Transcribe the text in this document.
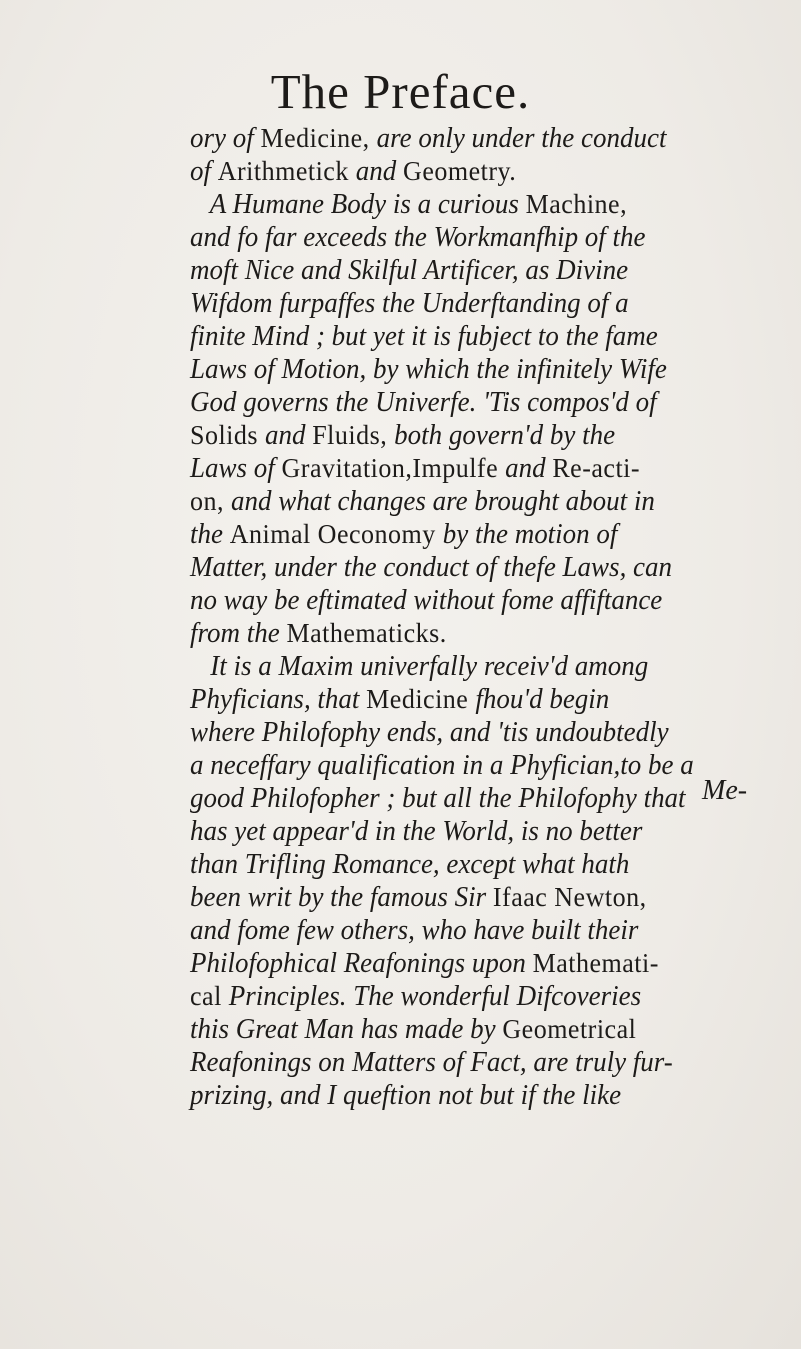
The Preface.
ory of Medicine, are only under the conduct
of Arithmetick and Geometry.
A Humane Body is a curious Machine,
and fo far exceeds the Workmanfhip of the
moft Nice and Skilful Artificer, as Divine
Wifdom furpaffes the Underftanding of a
finite Mind ; but yet it is fubject to the fame
Laws of Motion, by which the infinitely Wife
God governs the Univerfe. 'Tis compos'd of
Solids and Fluids, both govern'd by the
Laws of Gravitation,Impulfe and Re-acti-
on, and what changes are brought about in
the Animal Oeconomy by the motion of
Matter, under the conduct of thefe Laws, can
no way be eftimated without fome affiftance
from the Mathematicks.
It is a Maxim univerfally receiv'd among
Phyficians, that Medicine fhou'd begin
where Philofophy ends, and 'tis undoubtedly
a neceffary qualification in a Phyfician,to be a
good Philofopher ; but all the Philofophy that
has yet appear'd in the World, is no better
than Trifling Romance, except what hath
been writ by the famous Sir Ifaac Newton,
and fome few others, who have built their
Philofophical Reafonings upon Mathemati-
cal Principles. The wonderful Difcoveries
this Great Man has made by Geometrical
Reafonings on Matters of Fact, are truly fur-
prizing, and I queftion not but if the like
Me-
